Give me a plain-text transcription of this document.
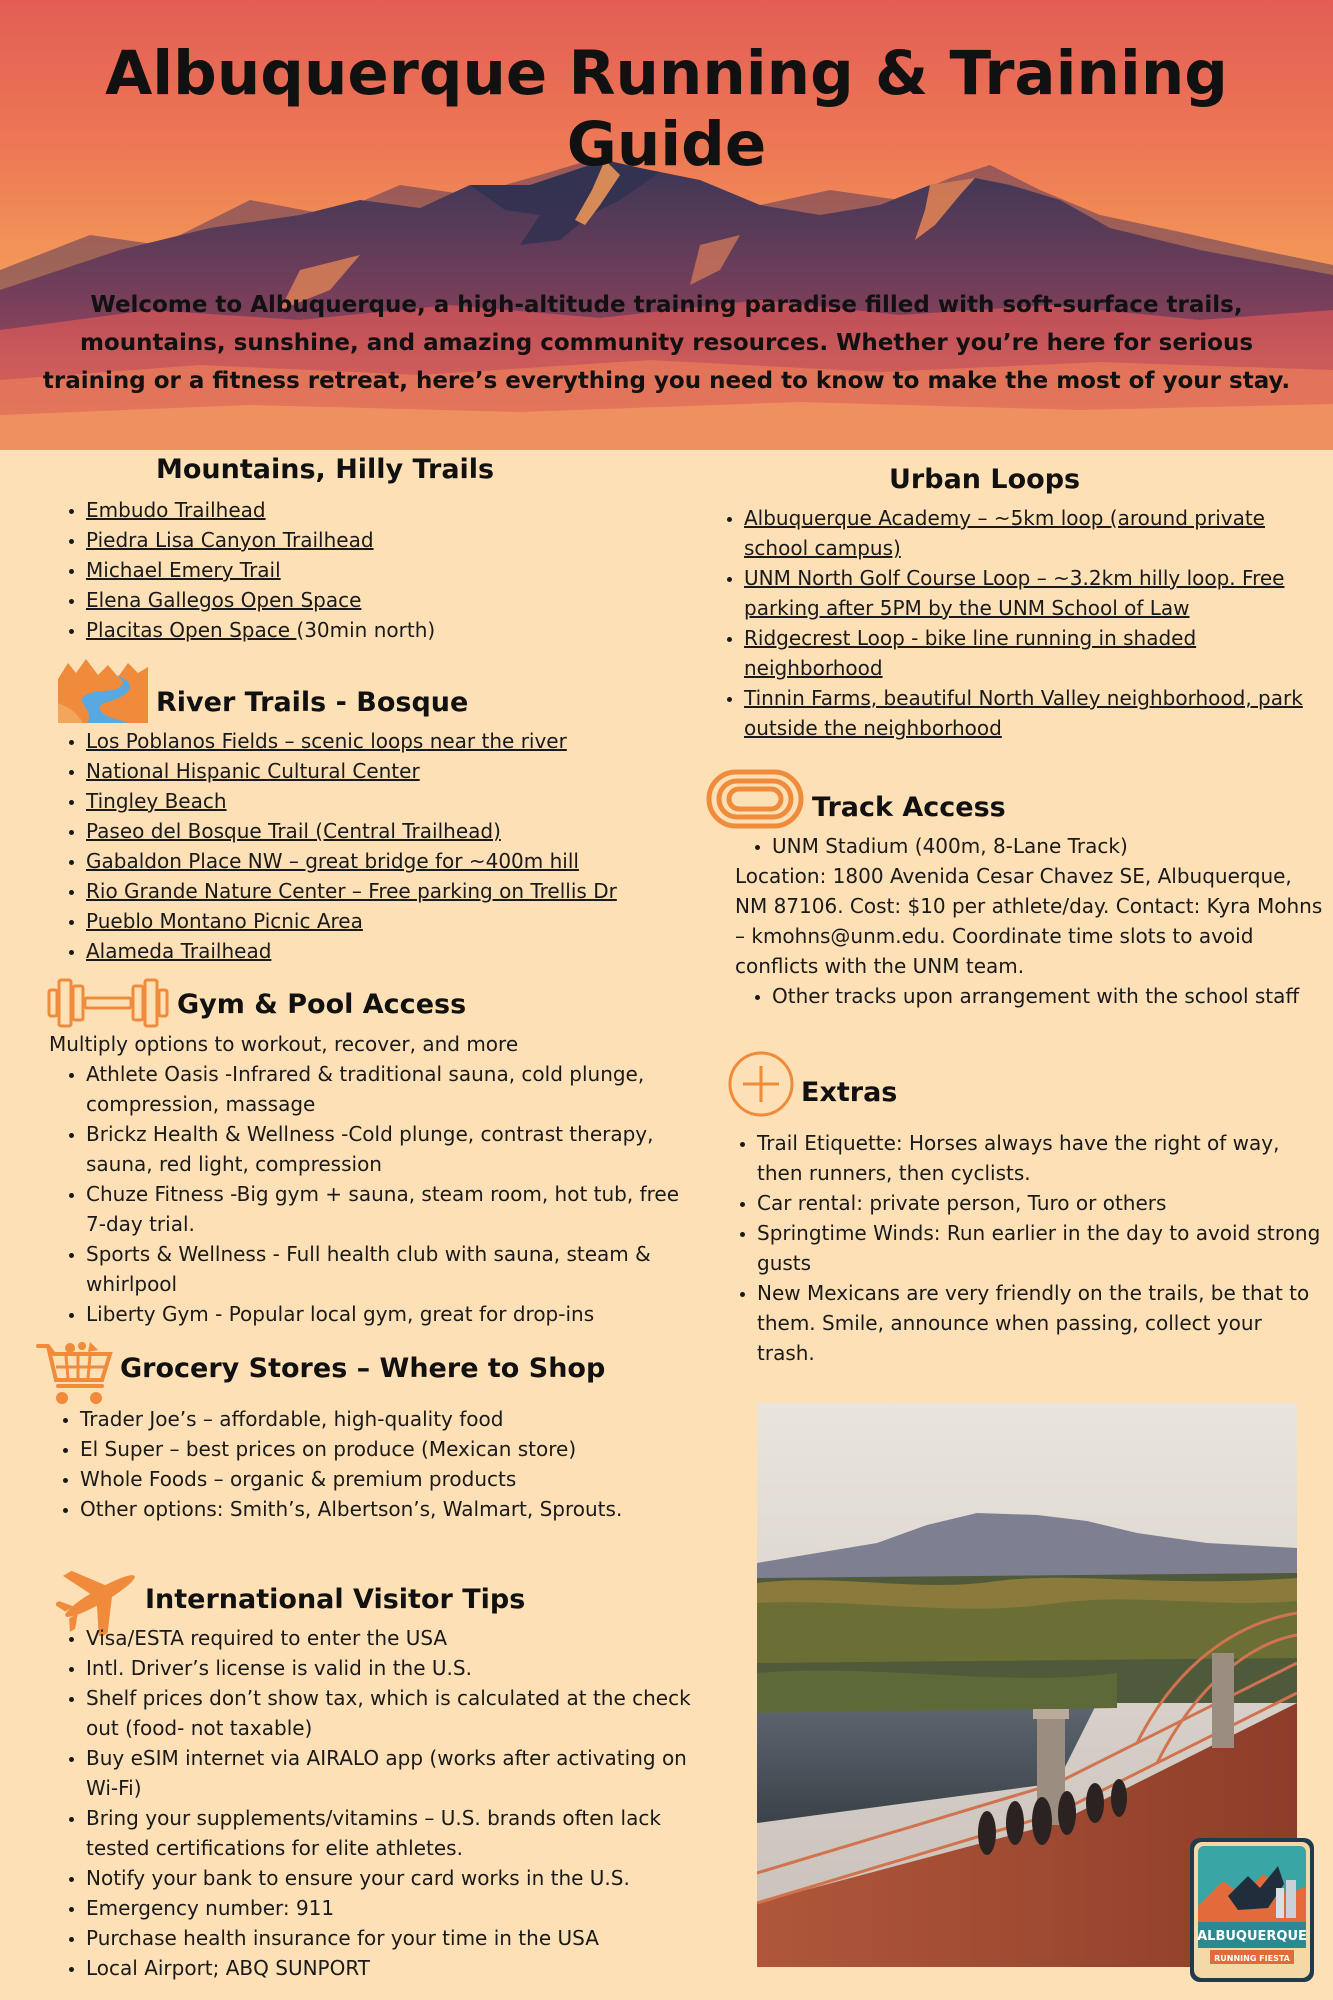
Albuquerque Running & Training Guide

Welcome to Albuquerque, a high-altitude training paradise filled with soft-surface trails, mountains, sunshine, and amazing community resources. Whether you’re here for serious training or a fitness retreat, here’s everything you need to know to make the most of your stay.

Mountains, Hilly Trails
• Embudo Trailhead
• Piedra Lisa Canyon Trailhead
• Michael Emery Trail
• Elena Gallegos Open Space
• Placitas Open Space (30min north)
River Trails - Bosque
• Los Poblanos Fields – scenic loops near the river
• National Hispanic Cultural Center
• Tingley Beach
• Paseo del Bosque Trail (Central Trailhead)
• Gabaldon Place NW – great bridge for ~400m hill
• Rio Grande Nature Center – Free parking on Trellis Dr
• Pueblo Montano Picnic Area
• Alameda Trailhead
Gym & Pool Access

Multiply options to workout, recover, and more

• Athlete Oasis -Infrared & traditional sauna, cold plunge, compression, massage
• Brickz Health & Wellness -Cold plunge, contrast therapy, sauna, red light, compression
• Chuze Fitness -Big gym + sauna, steam room, hot tub, free 7-day trial.
• Sports & Wellness - Full health club with sauna, steam & whirlpool
• Liberty Gym - Popular local gym, great for drop-ins
Grocery Stores – Where to Shop
• Trader Joe’s – affordable, high-quality food
• El Super – best prices on produce (Mexican store)
• Whole Foods – organic & premium products
• Other options: Smith’s, Albertson’s, Walmart, Sprouts.
International Visitor Tips
• Visa/ESTA required to enter the USA
• Intl. Driver’s license is valid in the U.S.
• Shelf prices don’t show tax, which is calculated at the check out (food- not taxable)
• Buy eSIM internet via AIRALO app (works after activating on Wi-Fi)
• Bring your supplements/vitamins – U.S. brands often lack tested certifications for elite athletes.
• Notify your bank to ensure your card works in the U.S.
• Emergency number: 911
• Purchase health insurance for your time in the USA
• Local Airport; ABQ SUNPORT
Urban Loops
• Albuquerque Academy – ~5km loop (around private school campus)
• UNM North Golf Course Loop – ~3.2km hilly loop. Free parking after 5PM by the UNM School of Law
• Ridgecrest Loop - bike line running in shaded neighborhood
• Tinnin Farms, beautiful North Valley neighborhood, park outside the neighborhood
Track Access
• UNM Stadium (400m, 8-Lane Track)

Location: 1800 Avenida Cesar Chavez SE, Albuquerque, NM 87106. Cost: $10 per athlete/day. Contact: Kyra Mohns – kmohns@unm.edu. Coordinate time slots to avoid conflicts with the UNM team.

• Other tracks upon arrangement with the school staff
Extras
• Trail Etiquette: Horses always have the right of way, then runners, then cyclists.
• Car rental: private person, Turo or others
• Springtime Winds: Run earlier in the day to avoid strong gusts
• New Mexicans are very friendly on the trails, be that to them. Smile, announce when passing, collect your trash.
ALBUQUERQUE
RUNNING FIESTA
